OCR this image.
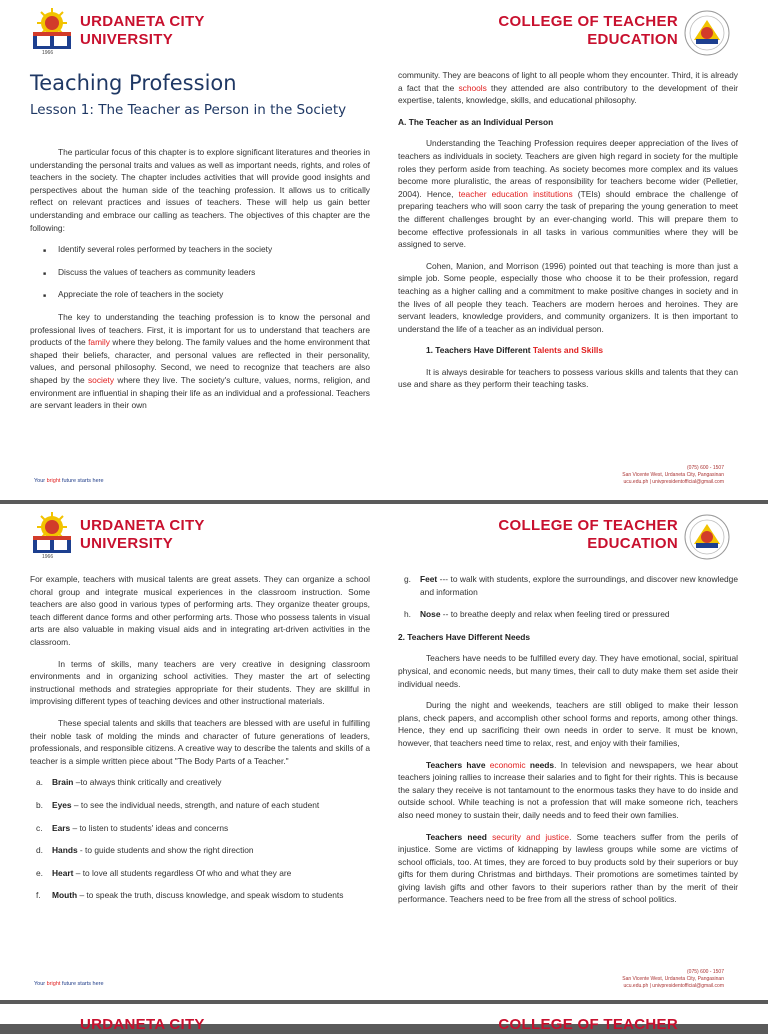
1966
URDANETA CITY
UNIVERSITY
COLLEGE OF TEACHER
EDUCATION
Teaching Profession
Lesson 1: The Teacher as Person in the Society

The particular focus of this chapter is to explore significant literatures and theories in understanding the personal traits and values as well as important needs, rights, and roles of teachers in the society. The chapter includes activities that will provide good insights and perspectives about the human side of the teaching profession. It allows us to critically reflect on relevant practices and issues of teachers. These will help us gain better understanding and embrace our calling as teachers. The objectives of this chapter are the following:

■ Identify several roles performed by teachers in the society
■ Discuss the values of teachers as community leaders
■ Appreciate the role of teachers in the society

The key to understanding the teaching profession is to know the personal and professional lives of teachers. First, it is important for us to understand that teachers are products of the family where they belong. The family values and the home environment that shaped their beliefs, character, and personal values are reflected in their personality, values, and personal philosophy. Second, we need to recognize that teachers are also shaped by the society where they live. The society's culture, values, norms, religion, and environment are influential in shaping their life as an individual and a professional. Teachers are servant leaders in their own

community. They are beacons of light to all people whom they encounter. Third, it is already a fact that the schools they attended are also contributory to the development of their expertise, talents, knowledge, skills, and educational philosophy.

A. The Teacher as an Individual Person

Understanding the Teaching Profession requires deeper appreciation of the lives of teachers as individuals in society. Teachers are given high regard in society for the multiple roles they perform aside from teaching. As society becomes more complex and its values become more pluralistic, the areas of responsibility for teachers become wider (Pelletier, 2004). Hence, teacher education institutions (TEIs) should embrace the challenge of preparing teachers who will soon carry the task of preparing the young generation to meet the different challenges brought by an ever-changing world. This will prepare them to become effective professionals in all tasks in various communities where they will be assigned to serve.

Cohen, Manion, and Morrison (1996) pointed out that teaching is more than just a simple job. Some people, especially those who choose it to be their profession, regard teaching as a higher calling and a commitment to make positive changes in society and in the lives of all people they teach. Teachers are modern heroes and heroines. They are servant leaders, knowledge providers, and community organizers. It is then important to understand the life of a teacher as an individual person.

1. Teachers Have Different Talents and Skills

It is always desirable for teachers to possess various skills and talents that they can use and share as they perform their teaching tasks.

Your bright future starts here
(075) 600 - 1507
San Vicente West, Urdaneta City, Pangasinan
ucu.edu.ph | univpresidentofficial@gmail.com
1966
URDANETA CITY
UNIVERSITY
COLLEGE OF TEACHER
EDUCATION

For example, teachers with musical talents are great assets. They can organize a school choral group and integrate musical experiences in the classroom instruction. Some teachers are also good in various types of performing arts. They organize theater groups, teach different dance forms and other performing arts. Those who possess talents in visual arts are also valuable in making visual aids and in integrating art-driven activities in the classroom.

In terms of skills, many teachers are very creative in designing classroom environments and in organizing school activities. They master the art of selecting instructional methods and strategies appropriate for their students. They are skillful in improvising different types of teaching devices and other instructional materials.

These special talents and skills that teachers are blessed with are useful in fulfilling their noble task of molding the minds and character of future generations of leaders, professionals, and responsible citizens. A creative way to describe the talents and skills of a teacher is a simple written piece about "The Body Parts of a Teacher."

a. Brain –to always think critically and creatively
b. Eyes – to see the individual needs, strength, and nature of each student
c. Ears – to listen to students' ideas and concerns
d. Hands - to guide students and show the right direction
e. Heart – to love all students regardless Of who and what they are
f. Mouth – to speak the truth, discuss knowledge, and speak wisdom to students
g. Feet --- to walk with students, explore the surroundings, and discover new knowledge and information
h. Nose -- to breathe deeply and relax when feeling tired or pressured

2. Teachers Have Different Needs

Teachers have needs to be fulfilled every day. They have emotional, social, spiritual physical, and economic needs, but many times, their call to duty make them set aside their individual needs.

During the night and weekends, teachers are still obliged to make their lesson plans, check papers, and accomplish other school forms and reports, among other things. Hence, they end up sacrificing their own needs in order to serve. It must be known, however, that teachers need time to relax, rest, and enjoy with their families,

Teachers have economic needs. In television and newspapers, we hear about teachers joining rallies to increase their salaries and to fight for their rights. This is because the salary they receive is not tantamount to the enormous tasks they have to do inside and outside school. While teaching is not a profession that will make someone rich, teachers also need money to sustain their, daily needs and to feed their own families.

Teachers need security and justice. Some teachers suffer from the perils of injustice. Some are victims of kidnapping by lawless groups while some are victims of school officials, too. At times, they are forced to buy products sold by their superiors or buy gifts for them during Christmas and birthdays. Their promotions are sometimes tainted by giving lavish gifts and other favors to their superiors rather than by the merit of their performance. Teachers need to be free from all the stress of school politics.

Your bright future starts here
(075) 600 - 1507
San Vicente West, Urdaneta City, Pangasinan
ucu.edu.ph | univpresidentofficial@gmail.com
URDANETA CITY	COLLEGE OF TEACHER
